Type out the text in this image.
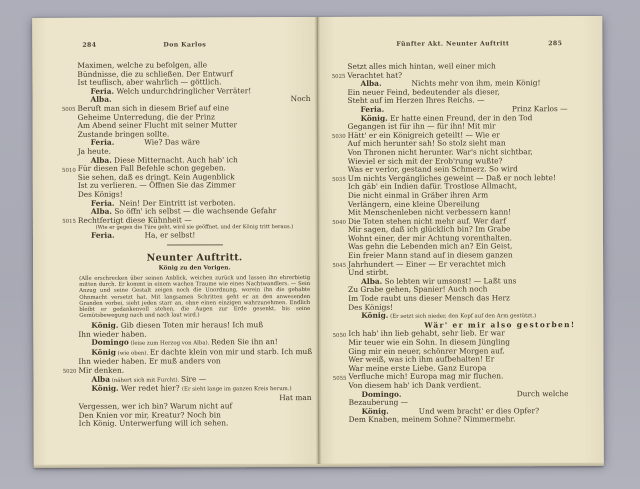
284	Don Karlos
Maximen, welche zu befolgen, alle
Bündnisse, die zu schließen. Der Entwurf
Ist teuflisch, aber wahrlich — göttlich.
Feria. Welch undurchdringlicher Verräter!
Alba.	Noch
5005 Beruft man sich in diesem Brief auf eine
Geheime Unterredung, die der Prinz
Am Abend seiner Flucht mit seiner Mutter
Zustande bringen sollte.
Feria.	Wie? Das wäre
Ja heute.
Alba. Diese Mitternacht. Auch hab' ich
5010 Für diesen Fall Befehle schon gegeben.
Sie sehen, daß es dringt. Kein Augenblick
Ist zu verlieren. — Öffnen Sie das Zimmer
Des Königs!
Feria. Nein! Der Eintritt ist verboten.
Alba. So öffn' ich selbst — die wachsende Gefahr
5015 Rechtfertigt diese Kühnheit —
(Wie er gegen die Türe geht, wird sie geöffnet, und der König tritt heraus.)
Feria.	Ha, er selbst!
Neunter Auftritt.
König zu den Vorigen.
(Alle erschrecken über seinen Anblick, weichen zurück und lassen ihn ehrerbietig mitten durch. Er kommt in einem wachen Traume wie eines Nachtwandlers. — Sein Anzug und seine Gestalt zeigen noch die Unordnung, worein ihn die gehabte Ohnmacht versetzt hat. Mit langsamen Schritten geht er an den anwesenden Granden vorbei, sieht jeden starr an, ohne einen einzigen wahrzunehmen. Endlich bleibt er gedankenvoll stehen, die Augen zur Erde gesenkt, bis seine Gemütsbewegung nach und nach laut wird.)
König. Gib diesen Toten mir heraus! Ich muß
Ihn wieder haben.
Domingo (leise zum Herzog von Alba). Reden Sie ihn an!
König (wie oben). Er dachte klein von mir und starb. Ich muß
Ihn wieder haben. Er muß anders von
5020 Mir denken.
Alba (nähert sich mit Furcht). Sire —
König. Wer redet hier? (Er sieht lange im ganzen Kreis herum.)
Hat man
Vergessen, wer ich bin? Warum nicht auf
Den Knien vor mir, Kreatur? Noch bin
Ich König. Unterwerfung will ich sehen.
Fünfter Akt. Neunter Auftritt	285
Setzt alles mich hintan, weil einer mich
5025 Verachtet hat?
Alba.	Nichts mehr von ihm, mein König!
Ein neuer Feind, bedeutender als dieser,
Steht auf im Herzen Ihres Reichs. —
Feria.	Prinz Karlos —
König. Er hatte einen Freund, der in den Tod
Gegangen ist für ihn — für ihn! Mit mir
5030 Hätt' er ein Königreich geteilt! — Wie er
Auf mich herunter sah! So stolz sieht man
Von Thronen nicht herunter. War's nicht sichtbar,
Wieviel er sich mit der Erob'rung wußte?
Was er verlor, gestand sein Schmerz. So wird
5035 Um nichts Vergängliches geweint — Daß er noch lebte!
Ich gäb' ein Indien dafür. Trostlose Allmacht,
Die nicht einmal in Gräber ihren Arm
Verlängern, eine kleine Übereilung
Mit Menschenleben nicht verbessern kann!
5040 Die Toten stehen nicht mehr auf. Wer darf
Mir sagen, daß ich glücklich bin? Im Grabe
Wohnt einer, der mir Achtung vorenthalten.
Was gehn die Lebenden mich an? Ein Geist,
Ein freier Mann stand auf in diesem ganzen
5045 Jahrhundert — Einer — Er verachtet mich
Und stirbt.
Alba. So lebten wir umsonst! — Laßt uns
Zu Grabe gehen, Spanier! Auch noch
Im Tode raubt uns dieser Mensch das Herz
Des Königs!
König. (Er setzt sich nieder, den Kopf auf den Arm gestützt.)
Wär' er mir also gestorben!
5050 Ich hab' ihn lieb gehabt, sehr lieb. Er war
Mir teuer wie ein Sohn. In diesem Jüngling
Ging mir ein neuer, schönrer Morgen auf.
Wer weiß, was ich ihm aufbehalten! Er
War meine erste Liebe. Ganz Europa
5055 Verfluche mich! Europa mag mir fluchen.
Von diesem hab' ich Dank verdient.
Domingo.	Durch welche
Bezauberung —
König.	Und wem bracht' er dies Opfer?
Dem Knaben, meinem Sohne? Nimmermehr.
